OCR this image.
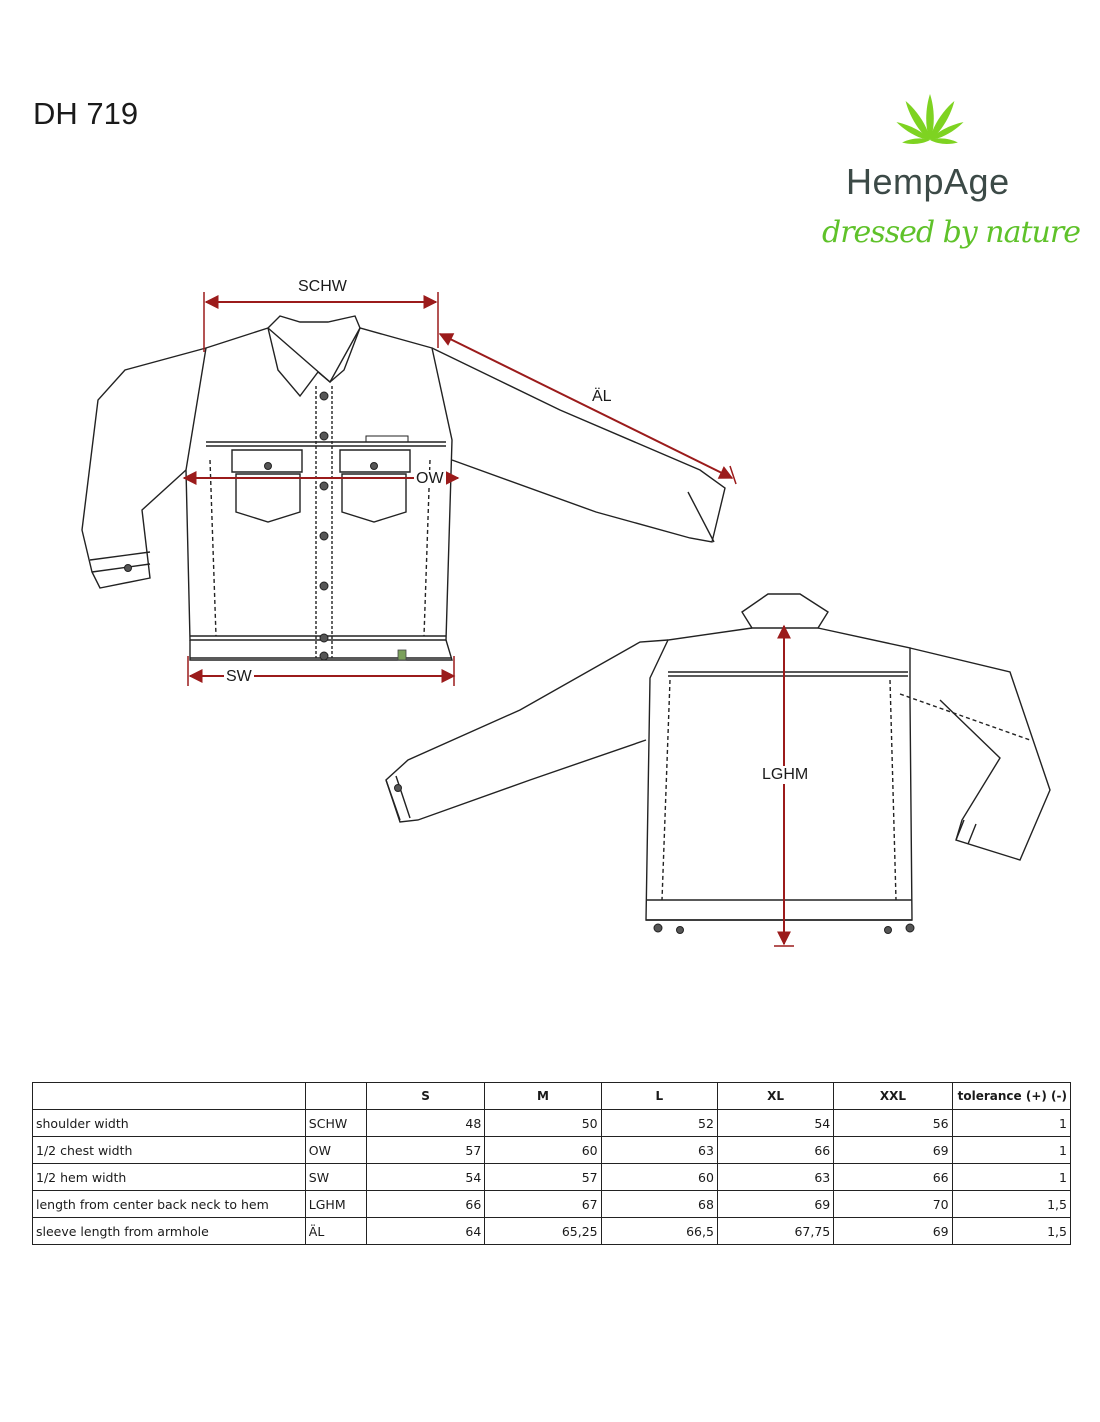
DH 719
HempAge
dressed by nature
SCHW
ÄL
OW
SW
LGHM
		S	M	L	XL	XXL	tolerance (+) (-)
shoulder width	SCHW	48	50	52	54	56	1
1/2 chest width	OW	57	60	63	66	69	1
1/2 hem width	SW	54	57	60	63	66	1
length from center back neck to hem	LGHM	66	67	68	69	70	1,5
sleeve length from armhole	ÄL	64	65,25	66,5	67,75	69	1,5
